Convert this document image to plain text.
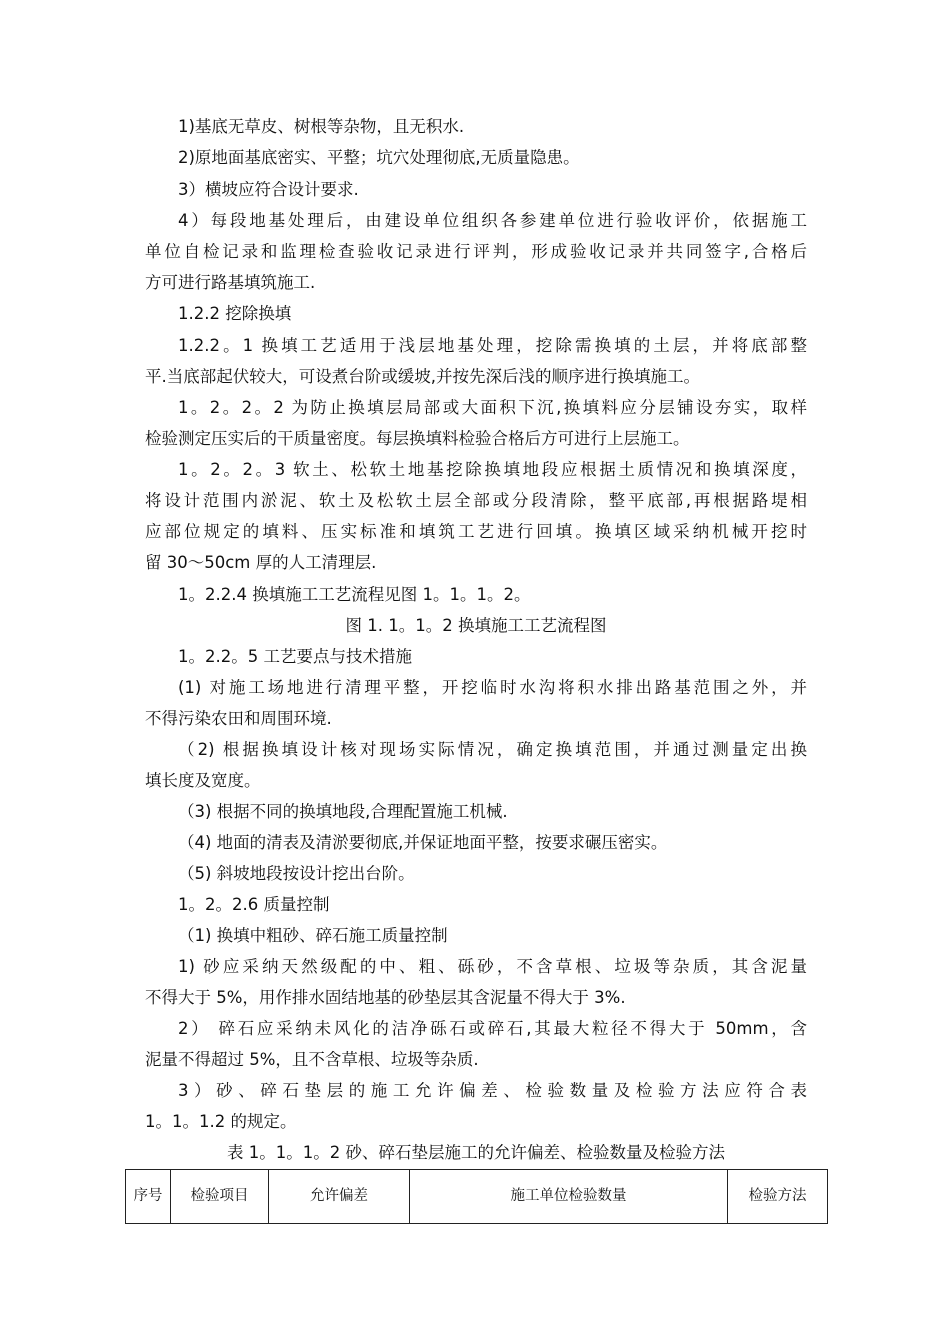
1)基底无草皮、树根等杂物，且无积水.
2)原地面基底密实、平整；坑穴处理彻底,无质量隐患。
3）横坡应符合设计要求.
4）每段地基处理后，由建设单位组织各参建单位进行验收评价，依据施工
单位自检记录和监理检查验收记录进行评判，形成验收记录并共同签字,合格后
方可进行路基填筑施工.
1.2.2 挖除换填
1.2.2。1 换填工艺适用于浅层地基处理，挖除需换填的土层，并将底部整
平.当底部起伏较大，可设煮台阶或缓坡,并按先深后浅的顺序进行换填施工。
1。2。2。2 为防止换填层局部或大面积下沉,换填料应分层铺设夯实，取样
检验测定压实后的干质量密度。每层换填料检验合格后方可进行上层施工。
1。2。2。3 软土、松软土地基挖除换填地段应根据土质情况和换填深度，
将设计范围内淤泥、软土及松软土层全部或分段清除，整平底部,再根据路堤相
应部位规定的填料、压实标准和填筑工艺进行回填。换填区域采纳机械开挖时
留 30～50cm 厚的人工清理层.
1。2.2.4 换填施工工艺流程见图 1。1。1。2。
图 1. 1。1。2 换填施工工艺流程图
1。2.2。5 工艺要点与技术措施
(1) 对施工场地进行清理平整，开挖临时水沟将积水排出路基范围之外，并
不得污染农田和周围环境.
（2) 根据换填设计核对现场实际情况，确定换填范围，并通过测量定出换
填长度及宽度。
（3) 根据不同的换填地段,合理配置施工机械.
（4) 地面的清表及清淤要彻底,并保证地面平整，按要求碾压密实。
（5) 斜坡地段按设计挖出台阶。
1。2。2.6 质量控制
（1) 换填中粗砂、碎石施工质量控制
1) 砂应采纳天然级配的中、粗、砾砂，不含草根、垃圾等杂质，其含泥量
不得大于 5%，用作排水固结地基的砂垫层其含泥量不得大于 3%.
2） 碎石应采纳未风化的洁净砾石或碎石,其最大粒径不得大于 50mm，含
泥量不得超过 5%，且不含草根、垃圾等杂质.
3）砂、碎石垫层的施工允许偏差、检验数量及检验方法应符合表
1。1。1.2 的规定。
表 1。1。1。2 砂、碎石垫层施工的允许偏差、检验数量及检验方法
序号	检验项目	允许偏差	施工单位检验数量	检验方法
